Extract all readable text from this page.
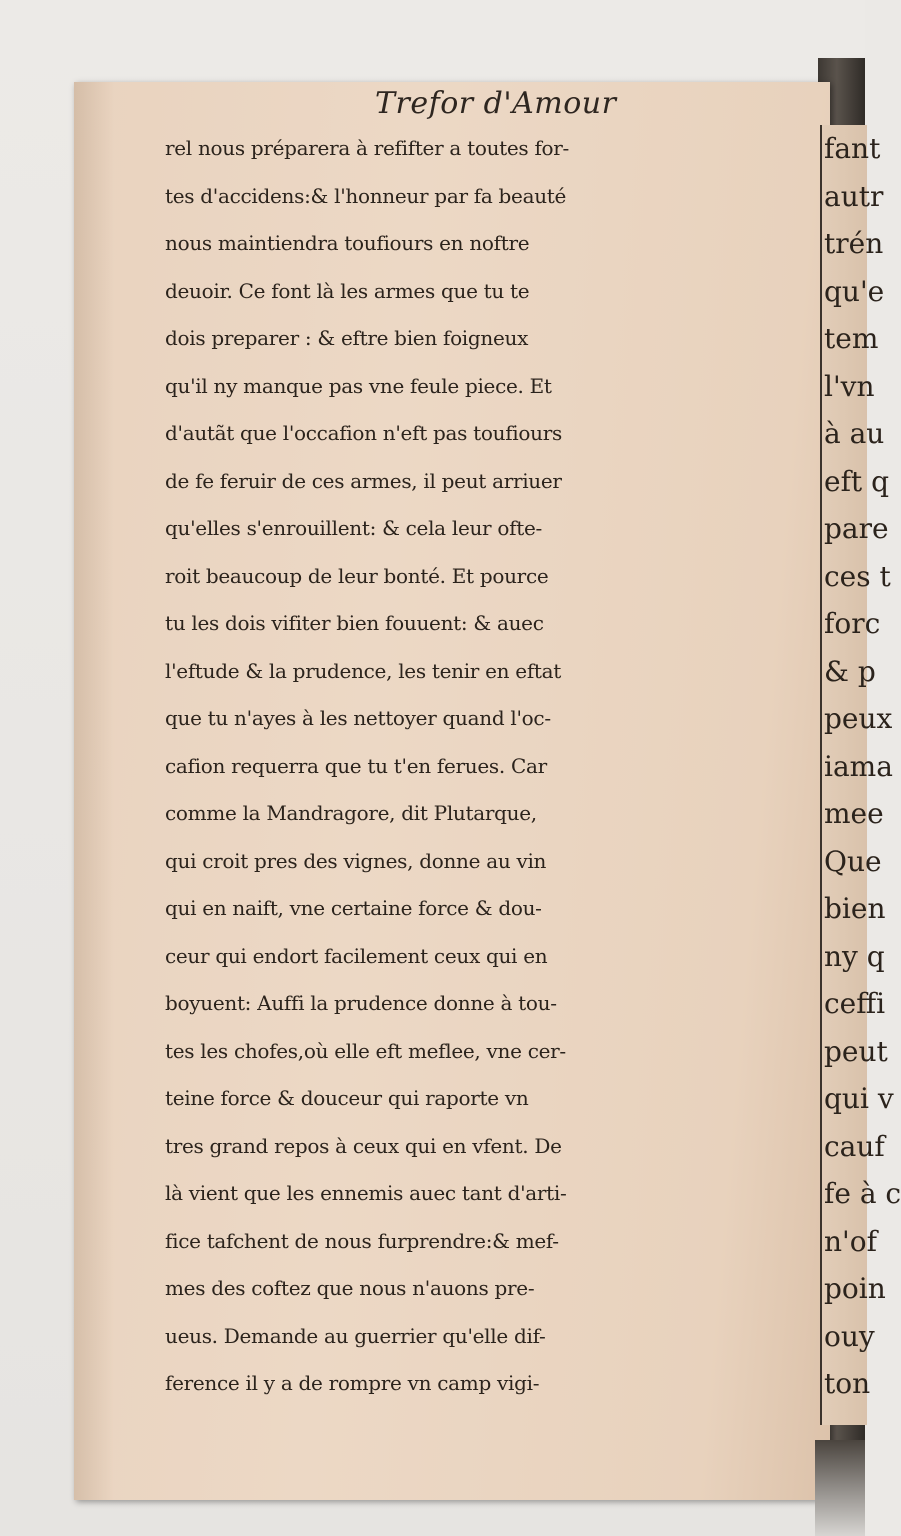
Trefor d'Amour
rel nous préparera à refifter a toutes for-
tes d'accidens:& l'honneur par fa beauté
nous maintiendra toufiours en noftre
deuoir. Ce font là les armes que tu te
dois preparer : & eftre bien foigneux
qu'il ny manque pas vne feule piece. Et
d'autãt que l'occafion n'eft pas toufiours
de fe feruir de ces armes, il peut arriuer
qu'elles s'enrouillent: & cela leur ofte-
roit beaucoup de leur bonté. Et pource
tu les dois vifiter bien fouuent: & auec
l'eftude & la prudence, les tenir en eftat
que tu n'ayes à les nettoyer quand l'oc-
cafion requerra que tu t'en ferues. Car
comme la Mandragore, dit Plutarque,
qui croit pres des vignes, donne au vin
qui en naift, vne certaine force & dou-
ceur qui endort facilement ceux qui en
boyuent: Auffi la prudence donne à tou-
tes les chofes,où elle eft meflee, vne cer-
teine force & douceur qui raporte vn
tres grand repos à ceux qui en vfent. De
là vient que les ennemis auec tant d'arti-
fice tafchent de nous furprendre:& mef-
mes des coftez que nous n'auons pre-
ueus. Demande au guerrier qu'elle dif-
ference il y a de rompre vn camp vigi-
fant
autr
trén
qu'e
tem
l'vn
à au
eft q
pare
ces t
forc
& p
peux
iama
mee
Que
bien
ny q
ceffi
peut
qui v
cauf
fe à c
n'of
poin
ouy
ton
